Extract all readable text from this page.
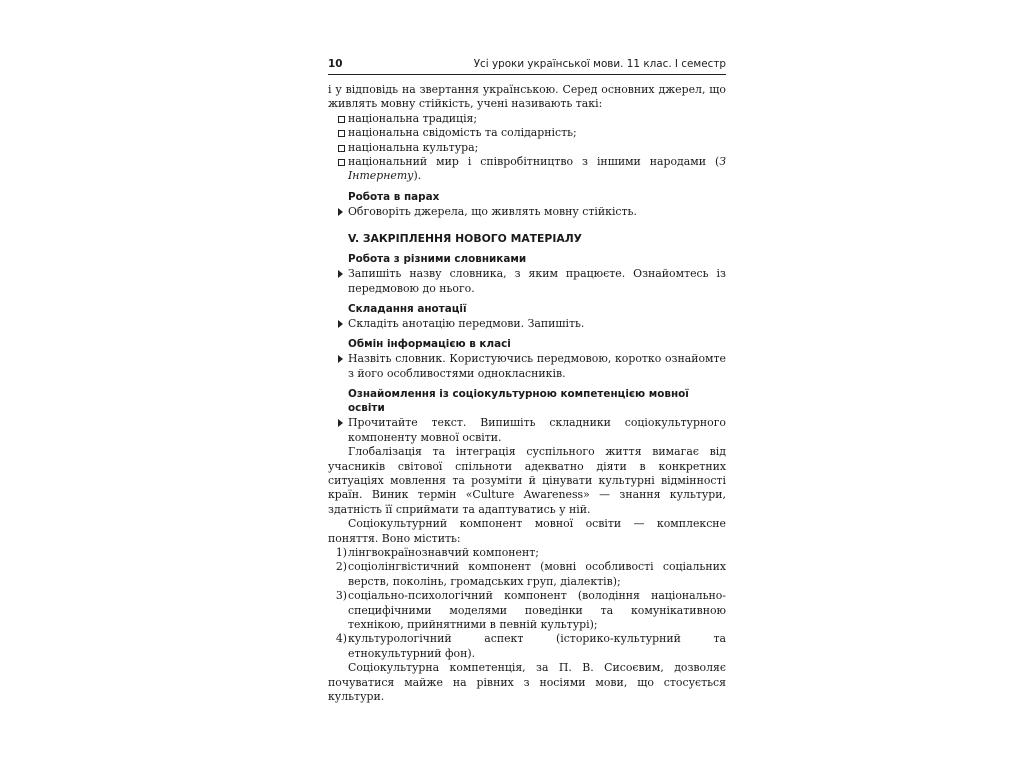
10	Усі уроки української мови. 11 клас. І семестр

і у відповідь на звертання українською. Серед основних джерел, що живлять мовну стійкість, учені називають такі:

національна традиція;
національна свідомість та солідарність;
національна культура;
національний мир і співробітництво з іншими народами (З Інтернету).
Робота в парах
Обговоріть джерела, що живлять мовну стійкість.
V. ЗАКРІПЛЕННЯ НОВОГО МАТЕРІАЛУ
Робота з різними словниками
Запишіть назву словника, з яким працюєте. Ознайомтесь із передмовою до нього.
Складання анотації
Складіть анотацію передмови. Запишіть.
Обмін інформацією в класі
Назвіть словник. Користуючись передмовою, коротко ознайомте з його особливостями однокласників.
Ознайомлення із соціокультурною компетенцією мовної освіти
Прочитайте текст. Випишіть складники соціокультурного компоненту мовної освіти.

Глобалізація та інтеграція суспільного життя вимагає від учасників світової спільноти адекватно діяти в конкретних ситуаціях мовлення та розуміти й цінувати культурні відмінності країн. Виник термін «Culture Awareness» — знання культури, здатність її сприймати та адаптуватись у ній.

Соціокультурний компонент мовної освіти — комплексне поняття. Воно містить:

1) лінгвокраїнознавчий компонент;
2) соціолінгвістичний компонент (мовні особливості соціальних верств, поколінь, громадських груп, діалектів);
3) соціально-психологічний компонент (володіння національно-специфічними моделями поведінки та комунікативною технікою, прийнятними в певній культурі);
4) культурологічний аспект (історико-культурний та етнокультурний фон).

Соціокультурна компетенція, за П. В. Сисоєвим, дозволяє почуватися майже на рівних з носіями мови, що стосується культури.
